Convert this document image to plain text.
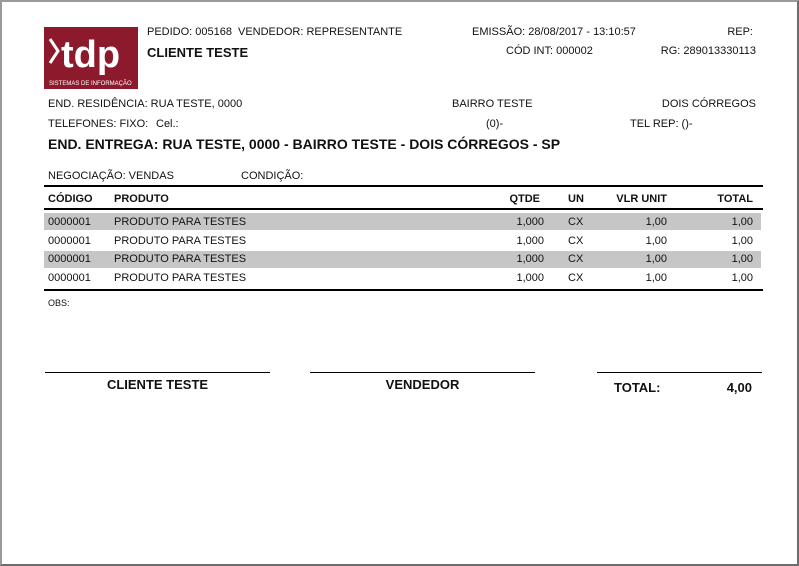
tdp
SISTEMAS DE INFORMAÇÃO
PEDIDO: 005168 VENDEDOR: REPRESENTANTE	EMISSÃO: 28/08/2017 - 13:10:57	REP:
CLIENTE TESTE	CÓD INT: 000002	RG: 289013330113
END. RESIDÊNCIA: RUA TESTE, 0000	BAIRRO TESTE	DOIS CÓRREGOS
TELEFONES: FIXO: Cel.:	(0)-	TEL REP: ()-
END. ENTREGA: RUA TESTE, 0000 - BAIRRO TESTE - DOIS CÓRREGOS - SP
NEGOCIAÇÃO: VENDAS	CONDIÇÃO:
CÓDIGO PRODUTO	QTDE	UN	VLR UNIT	TOTAL
0000001 PRODUTO PARA TESTES	1,000 CX	1,00	1,00
0000001 PRODUTO PARA TESTES	1,000 CX	1,00	1,00
0000001 PRODUTO PARA TESTES	1,000 CX	1,00	1,00
0000001 PRODUTO PARA TESTES	1,000 CX	1,00	1,00
OBS:
CLIENTE TESTE	VENDEDOR	TOTAL:	4,00
